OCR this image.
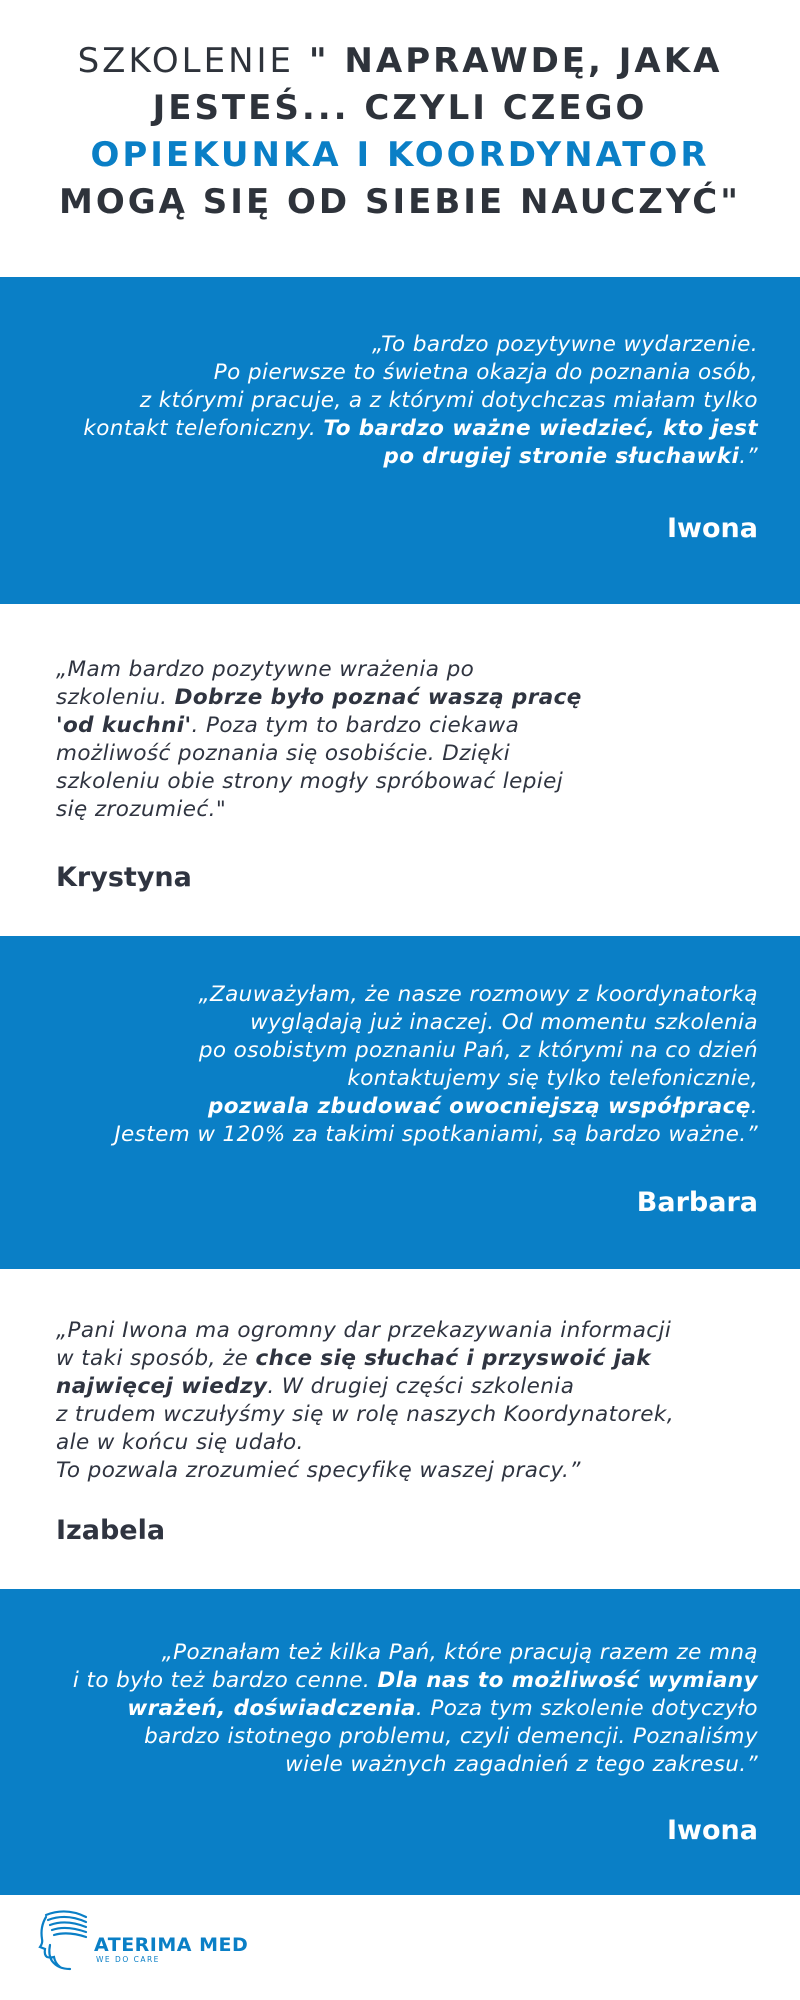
SZKOLENIE " NAPRAWDĘ, JAKA
JESTEŚ... CZYLI CZEGO
OPIEKUNKA I KOORDYNATOR
MOGĄ SIĘ OD SIEBIE NAUCZYĆ"
„To bardzo pozytywne wydarzenie.
Po pierwsze to świetna okazja do poznania osób,
z którymi pracuje, a z którymi dotychczas miałam tylko
kontakt telefoniczny. To bardzo ważne wiedzieć, kto jest
po drugiej stronie słuchawki.”
Iwona
„Mam bardzo pozytywne wrażenia po
szkoleniu. Dobrze było poznać waszą pracę
'od kuchni'. Poza tym to bardzo ciekawa
możliwość poznania się osobiście. Dzięki
szkoleniu obie strony mogły spróbować lepiej
się zrozumieć."
Krystyna
„Zauważyłam, że nasze rozmowy z koordynatorką
wyglądają już inaczej. Od momentu szkolenia
po osobistym poznaniu Pań, z którymi na co dzień
kontaktujemy się tylko telefonicznie,
pozwala zbudować owocniejszą współpracę.
Jestem w 120% za takimi spotkaniami, są bardzo ważne.”
Barbara
„Pani Iwona ma ogromny dar przekazywania informacji
w taki sposób, że chce się słuchać i przyswoić jak
najwięcej wiedzy. W drugiej części szkolenia
z trudem wczułyśmy się w rolę naszych Koordynatorek,
ale w końcu się udało.
To pozwala zrozumieć specyfikę waszej pracy.”
Izabela
„Poznałam też kilka Pań, które pracują razem ze mną
i to było też bardzo cenne. Dla nas to możliwość wymiany
wrażeń, doświadczenia. Poza tym szkolenie dotyczyło
bardzo istotnego problemu, czyli demencji. Poznaliśmy
wiele ważnych zagadnień z tego zakresu.”
Iwona
ATERIMA MED
WE DO CARE
